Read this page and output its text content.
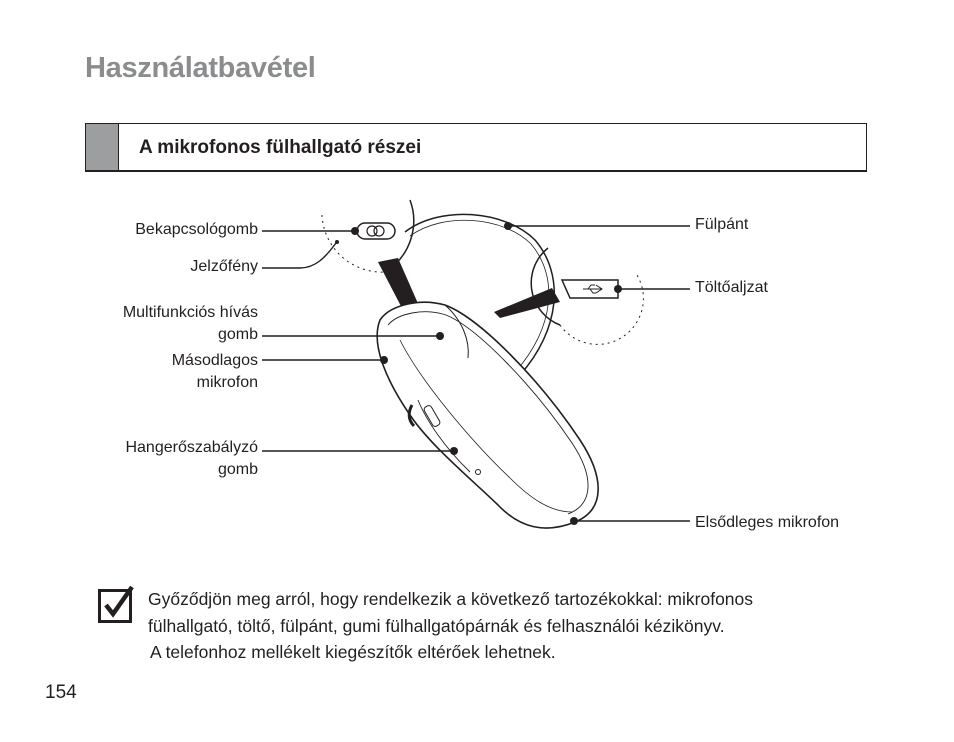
Használatbavétel
A mikrofonos fülhallgató részei
Bekapcsológomb
Jelzőfény
Multifunkciós hívás
gomb
Másodlagos
mikrofon
Hangerőszabályzó
gomb
Fülpánt
Töltőaljzat
Elsődleges mikrofon
Győződjön meg arról, hogy rendelkezik a következő tartozékokkal: mikrofonos
fülhallgató, töltő, fülpánt, gumi fülhallgatópárnák és felhasználói kézikönyv.
A telefonhoz mellékelt kiegészítők eltérőek lehetnek.
154
